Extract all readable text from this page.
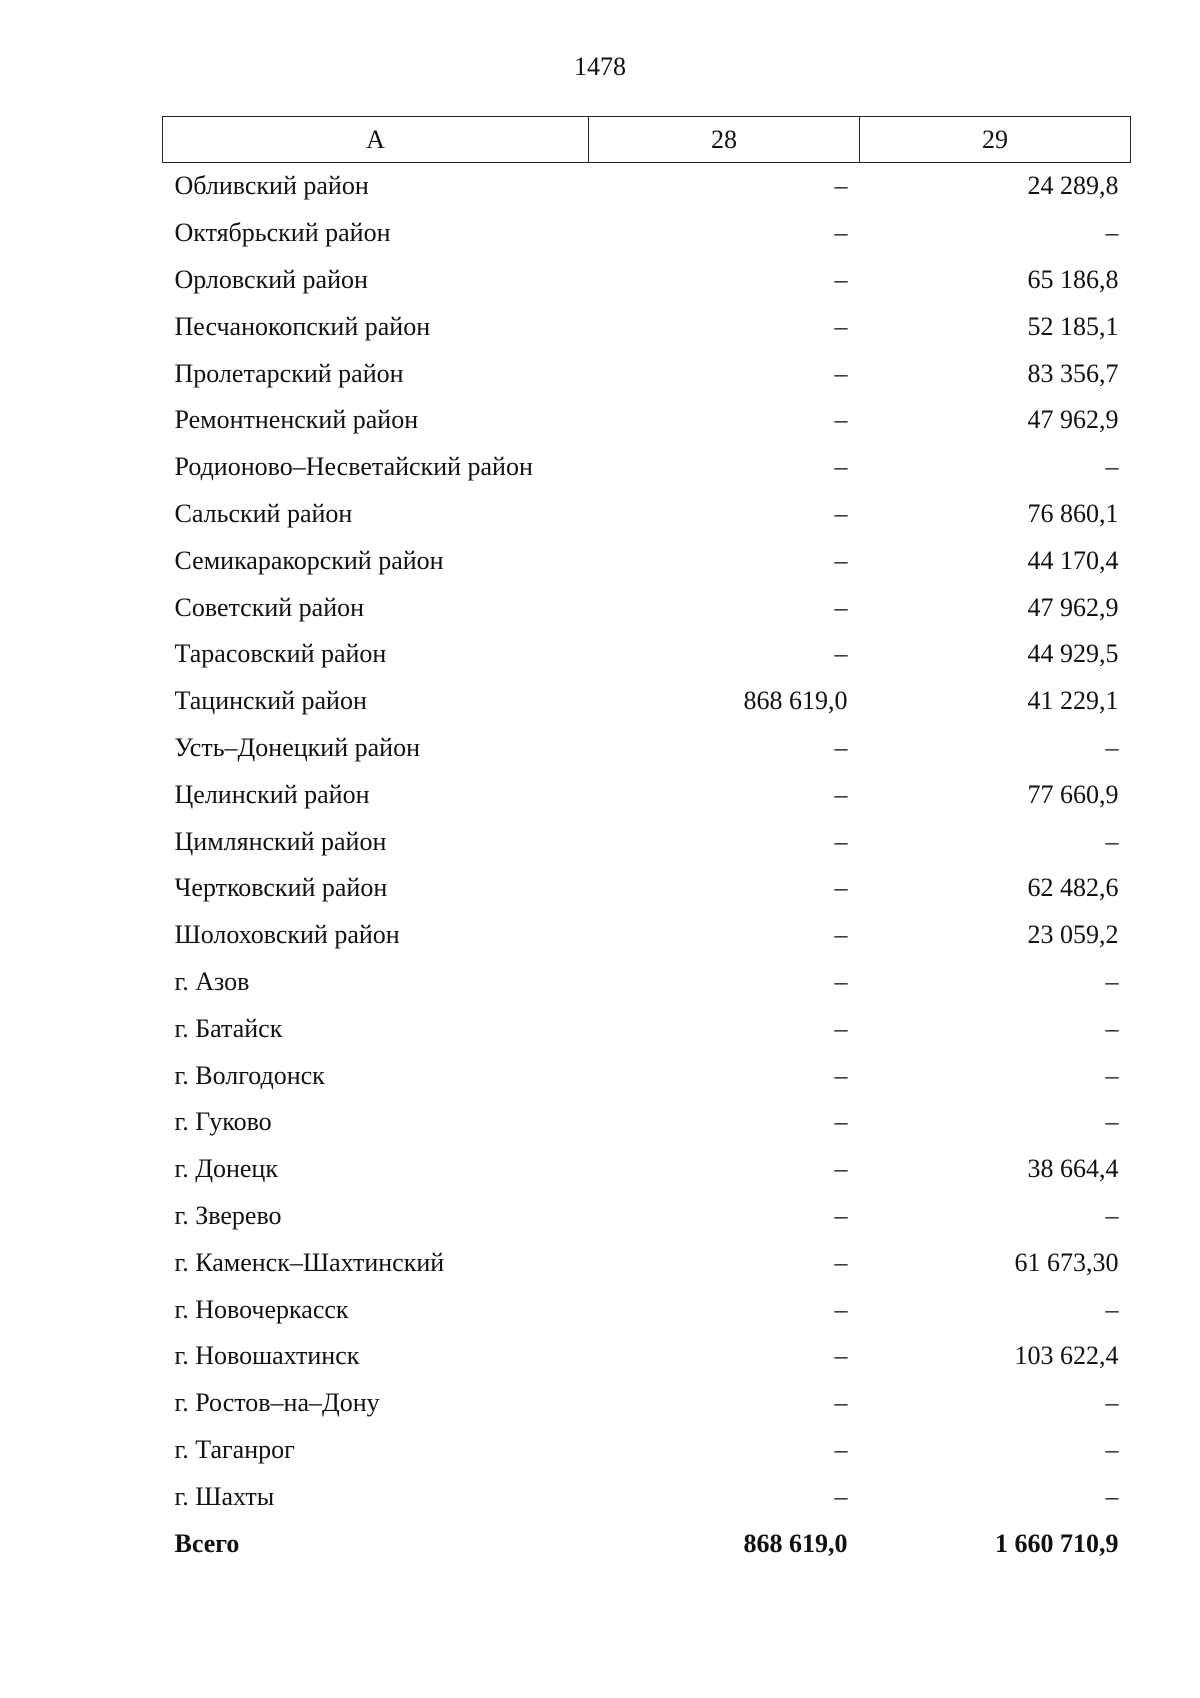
1478
А	28	29
Обливский район	–	24 289,8
Октябрьский район	–	–
Орловский район	–	65 186,8
Песчанокопский район	–	52 185,1
Пролетарский район	–	83 356,7
Ремонтненский район	–	47 962,9
Родионово–Несветайский район	–	–
Сальский район	–	76 860,1
Семикаракорский район	–	44 170,4
Советский район	–	47 962,9
Тарасовский район	–	44 929,5
Тацинский район	868 619,0	41 229,1
Усть–Донецкий район	–	–
Целинский район	–	77 660,9
Цимлянский район	–	–
Чертковский район	–	62 482,6
Шолоховский район	–	23 059,2
г. Азов	–	–
г. Батайск	–	–
г. Волгодонск	–	–
г. Гуково	–	–
г. Донецк	–	38 664,4
г. Зверево	–	–
г. Каменск–Шахтинский	–	61 673,30
г. Новочеркасск	–	–
г. Новошахтинск	–	103 622,4
г. Ростов–на–Дону	–	–
г. Таганрог	–	–
г. Шахты	–	–
Всего	868 619,0	1 660 710,9
